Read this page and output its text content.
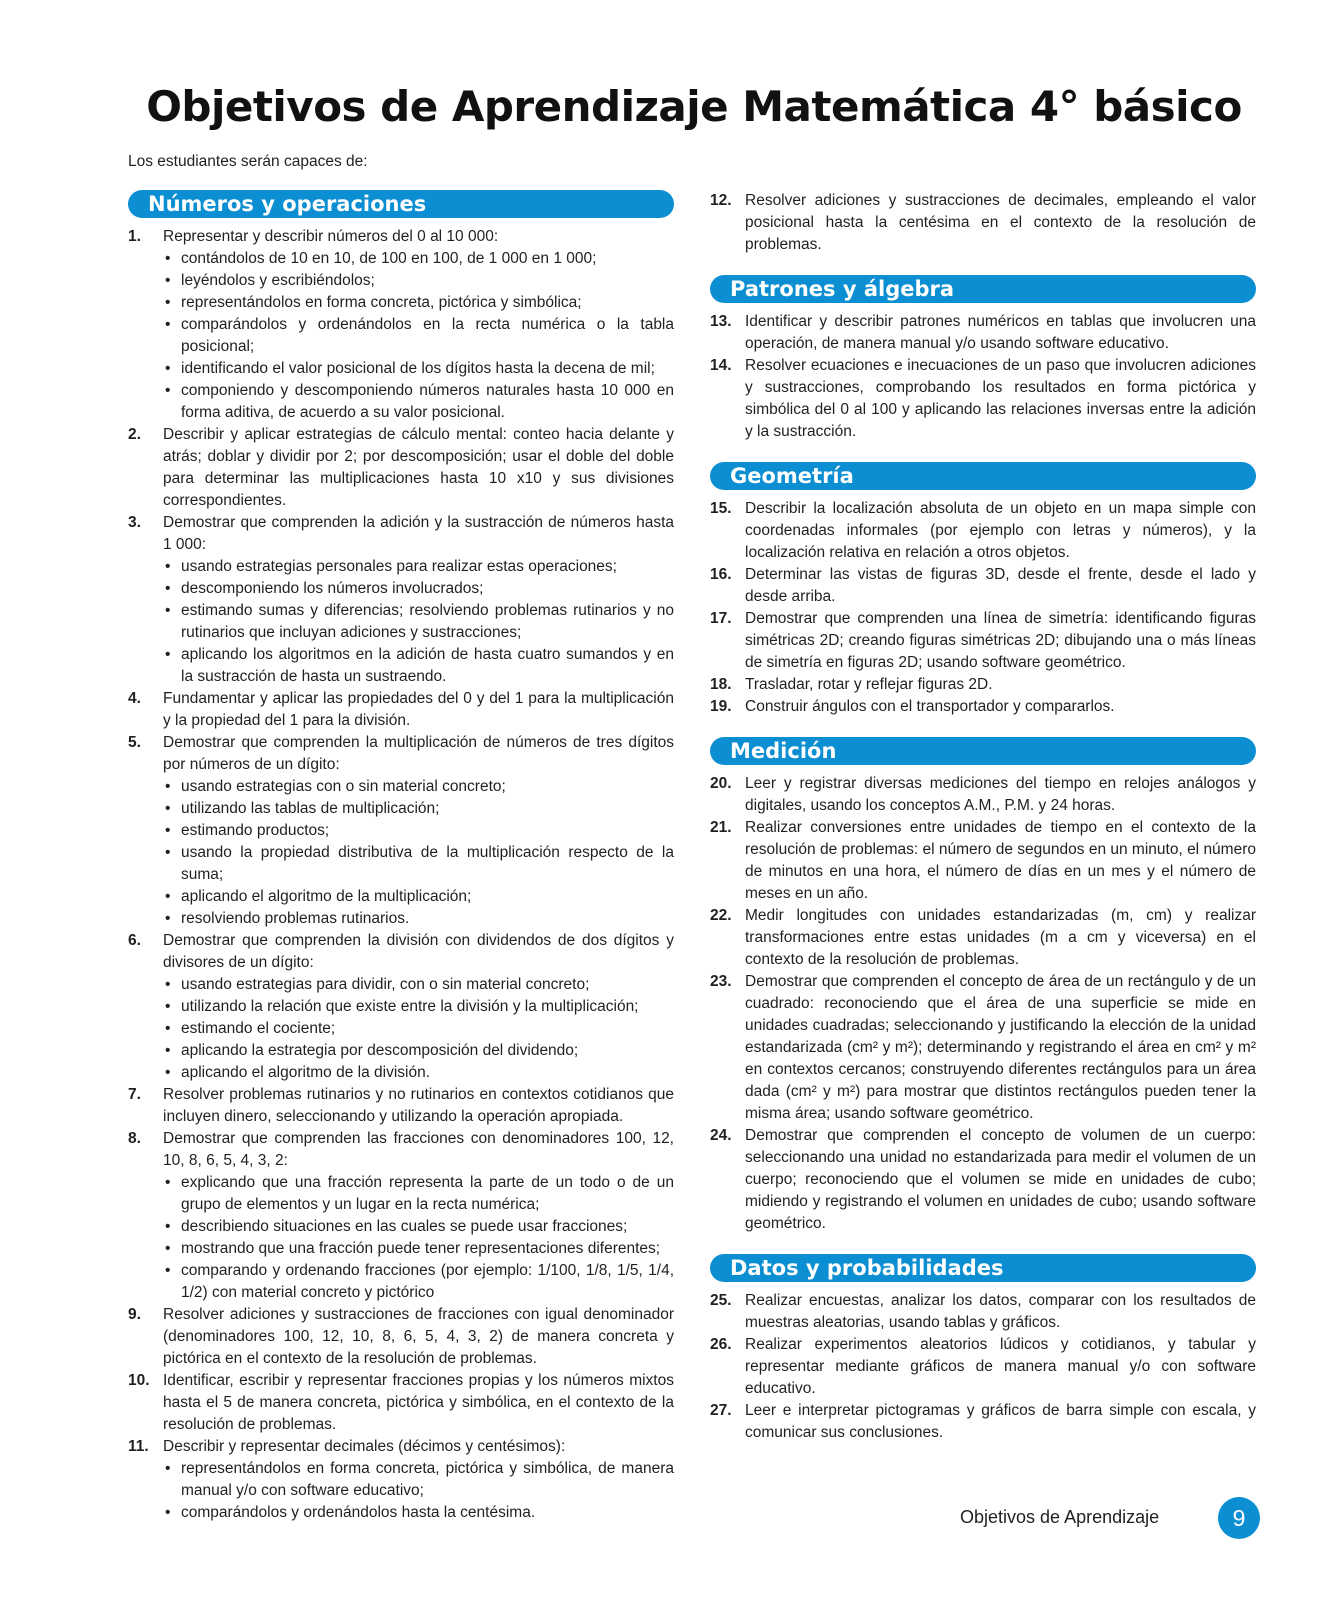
Objetivos de Aprendizaje Matemática 4° básico
Los estudiantes serán capaces de:
Números y operaciones
1. Representar y describir números del 0 al 10 000:
• contándolos de 10 en 10, de 100 en 100, de 1 000 en 1 000;
• leyéndolos y escribiéndolos;
• representándolos en forma concreta, pictórica y simbólica;
• comparándolos y ordenándolos en la recta numérica o la tabla posicional;
• identificando el valor posicional de los dígitos hasta la decena de mil;
• componiendo y descomponiendo números naturales hasta 10 000 en forma aditiva, de acuerdo a su valor posicional.
2. Describir y aplicar estrategias de cálculo mental: conteo hacia delante y atrás; doblar y dividir por 2; por descomposición; usar el doble del doble para determinar las multiplicaciones hasta 10 x10 y sus divisiones correspondientes.
3. Demostrar que comprenden la adición y la sustracción de números hasta 1 000:
• usando estrategias personales para realizar estas operaciones;
• descomponiendo los números involucrados;
• estimando sumas y diferencias; resolviendo problemas rutinarios y no rutinarios que incluyan adiciones y sustracciones;
• aplicando los algoritmos en la adición de hasta cuatro sumandos y en la sustracción de hasta un sustraendo.
4. Fundamentar y aplicar las propiedades del 0 y del 1 para la multiplicación y la propiedad del 1 para la división.
5. Demostrar que comprenden la multiplicación de números de tres dígitos por números de un dígito:
• usando estrategias con o sin material concreto;
• utilizando las tablas de multiplicación;
• estimando productos;
• usando la propiedad distributiva de la multiplicación respecto de la suma;
• aplicando el algoritmo de la multiplicación;
• resolviendo problemas rutinarios.
6. Demostrar que comprenden la división con dividendos de dos dígitos y divisores de un dígito:
• usando estrategias para dividir, con o sin material concreto;
• utilizando la relación que existe entre la división y la multiplicación;
• estimando el cociente;
• aplicando la estrategia por descomposición del dividendo;
• aplicando el algoritmo de la división.
7. Resolver problemas rutinarios y no rutinarios en contextos cotidianos que incluyen dinero, seleccionando y utilizando la operación apropiada.
8. Demostrar que comprenden las fracciones con denominadores 100, 12, 10, 8, 6, 5, 4, 3, 2:
• explicando que una fracción representa la parte de un todo o de un grupo de elementos y un lugar en la recta numérica;
• describiendo situaciones en las cuales se puede usar fracciones;
• mostrando que una fracción puede tener representaciones diferentes;
• comparando y ordenando fracciones (por ejemplo: 1/100, 1/8, 1/5, 1/4, 1/2) con material concreto y pictórico
9. Resolver adiciones y sustracciones de fracciones con igual denominador (denominadores 100, 12, 10, 8, 6, 5, 4, 3, 2) de manera concreta y pictórica en el contexto de la resolución de problemas.
10. Identificar, escribir y representar fracciones propias y los números mixtos hasta el 5 de manera concreta, pictórica y simbólica, en el contexto de la resolución de problemas.
11. Describir y representar decimales (décimos y centésimos):
• representándolos en forma concreta, pictórica y simbólica, de manera manual y/o con software educativo;
• comparándolos y ordenándolos hasta la centésima.
12. Resolver adiciones y sustracciones de decimales, empleando el valor posicional hasta la centésima en el contexto de la resolución de problemas.
Patrones y álgebra
13. Identificar y describir patrones numéricos en tablas que involucren una operación, de manera manual y/o usando software educativo.
14. Resolver ecuaciones e inecuaciones de un paso que involucren adiciones y sustracciones, comprobando los resultados en forma pictórica y simbólica del 0 al 100 y aplicando las relaciones inversas entre la adición y la sustracción.
Geometría
15. Describir la localización absoluta de un objeto en un mapa simple con coordenadas informales (por ejemplo con letras y números), y la localización relativa en relación a otros objetos.
16. Determinar las vistas de figuras 3D, desde el frente, desde el lado y desde arriba.
17. Demostrar que comprenden una línea de simetría: identificando figuras simétricas 2D; creando figuras simétricas 2D; dibujando una o más líneas de simetría en figuras 2D; usando software geométrico.
18. Trasladar, rotar y reflejar figuras 2D.
19. Construir ángulos con el transportador y compararlos.
Medición
20. Leer y registrar diversas mediciones del tiempo en relojes análogos y digitales, usando los conceptos A.M., P.M. y 24 horas.
21. Realizar conversiones entre unidades de tiempo en el contexto de la resolución de problemas: el número de segundos en un minuto, el número de minutos en una hora, el número de días en un mes y el número de meses en un año.
22. Medir longitudes con unidades estandarizadas (m, cm) y realizar transformaciones entre estas unidades (m a cm y viceversa) en el contexto de la resolución de problemas.
23. Demostrar que comprenden el concepto de área de un rectángulo y de un cuadrado: reconociendo que el área de una superficie se mide en unidades cuadradas; seleccionando y justificando la elección de la unidad estandarizada (cm² y m²); determinando y registrando el área en cm² y m² en contextos cercanos; construyendo diferentes rectángulos para un área dada (cm² y m²) para mostrar que distintos rectángulos pueden tener la misma área; usando software geométrico.
24. Demostrar que comprenden el concepto de volumen de un cuerpo: seleccionando una unidad no estandarizada para medir el volumen de un cuerpo; reconociendo que el volumen se mide en unidades de cubo; midiendo y registrando el volumen en unidades de cubo; usando software geométrico.
Datos y probabilidades
25. Realizar encuestas, analizar los datos, comparar con los resultados de muestras aleatorias, usando tablas y gráficos.
26. Realizar experimentos aleatorios lúdicos y cotidianos, y tabular y representar mediante gráficos de manera manual y/o con software educativo.
27. Leer e interpretar pictogramas y gráficos de barra simple con escala, y comunicar sus conclusiones.
Objetivos de Aprendizaje	9
